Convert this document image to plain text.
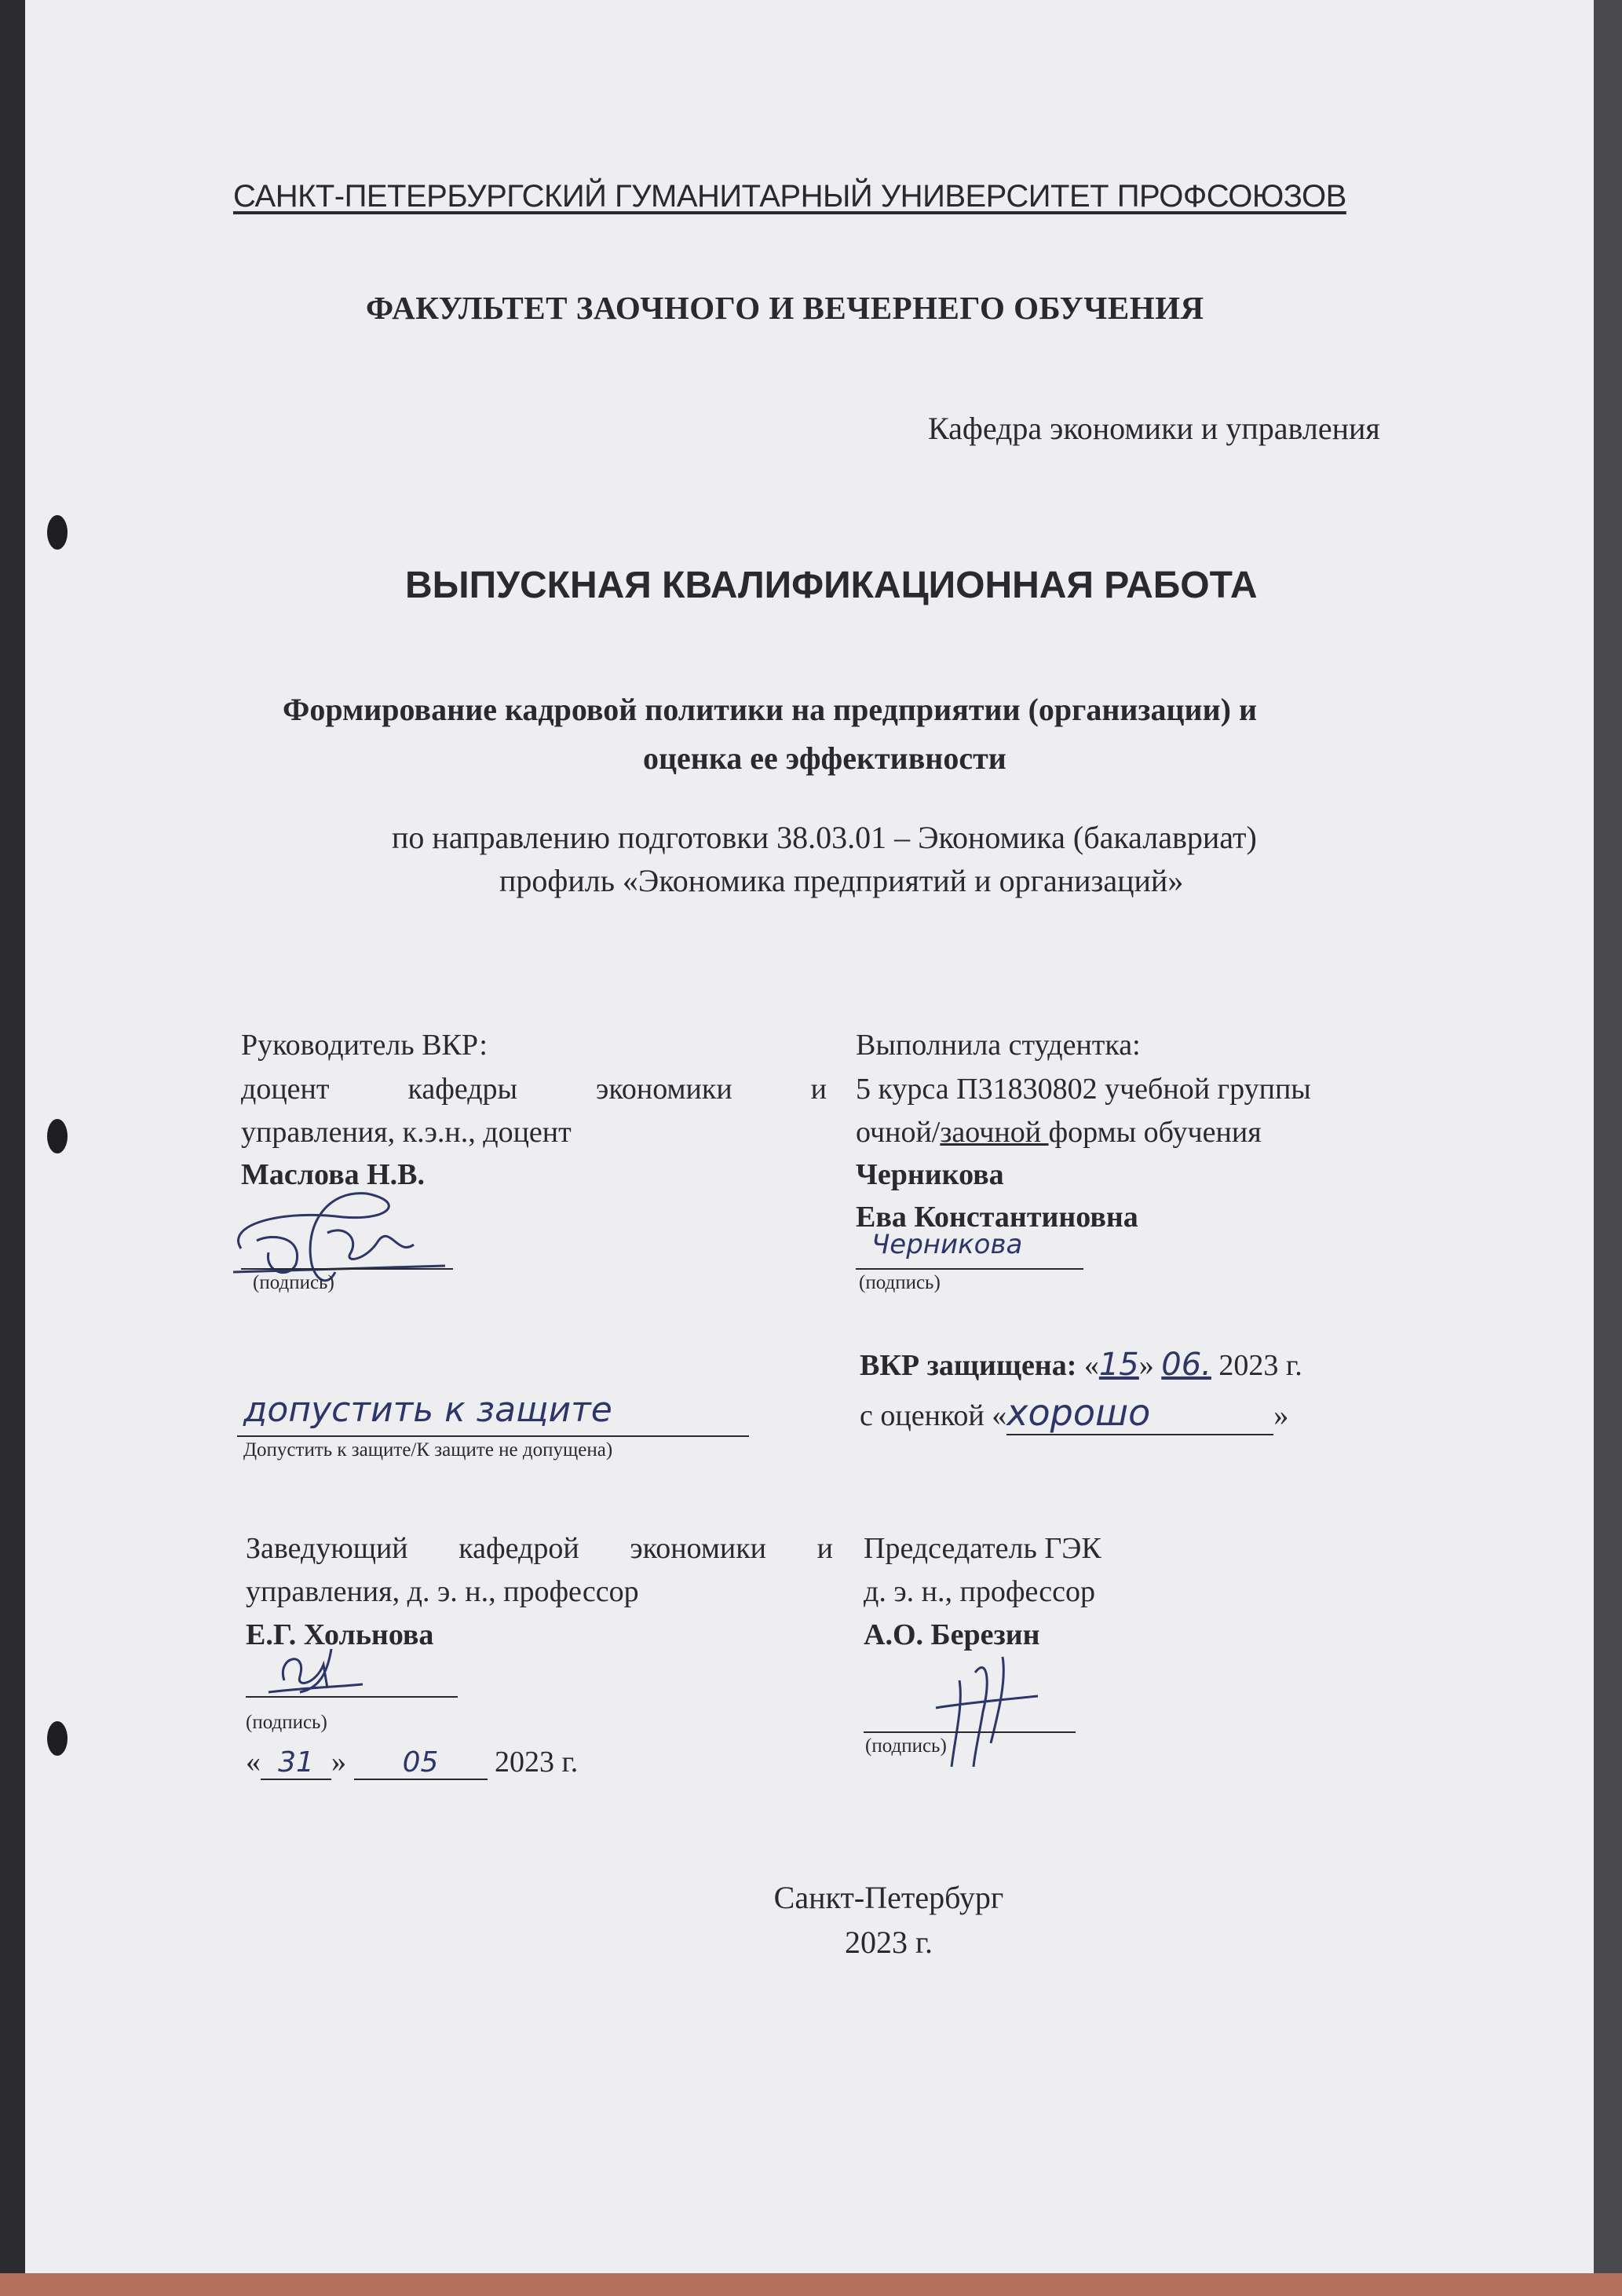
САНКТ-ПЕТЕРБУРГСКИЙ ГУМАНИТАРНЫЙ УНИВЕРСИТЕТ ПРОФСОЮЗОВ
ФАКУЛЬТЕТ ЗАОЧНОГО И ВЕЧЕРНЕГО ОБУЧЕНИЯ
Кафедра экономики и управления
ВЫПУСКНАЯ КВАЛИФИКАЦИОННАЯ РАБОТА
Формирование кадровой политики на предприятии (организации) и
оценка ее эффективности
по направлению подготовки 38.03.01 – Экономика (бакалавриат)
профиль «Экономика предприятий и организаций»
Руководитель ВКР:
доцент	кафедры	экономики	и
управления, к.э.н., доцент
Маслова Н.В.
(подпись)
Выполнила студентка:
5 курса П31830802 учебной группы
очной/заочной формы обучения
Черникова
Ева Константиновна
Черникова
(подпись)
допустить к защите
Допустить к защите/К защите не допущена)
ВКР защищена: «15» 06. 2023 г.
с оценкой «хорошо	»
Заведующий кафедрой экономики и
управления, д. э. н., профессор
Е.Г. Хольнова
(подпись)
« 31 » 05 2023 г.
Председатель ГЭК
д. э. н., профессор
А.О. Березин
(подпись)
Санкт-Петербург
2023 г.
